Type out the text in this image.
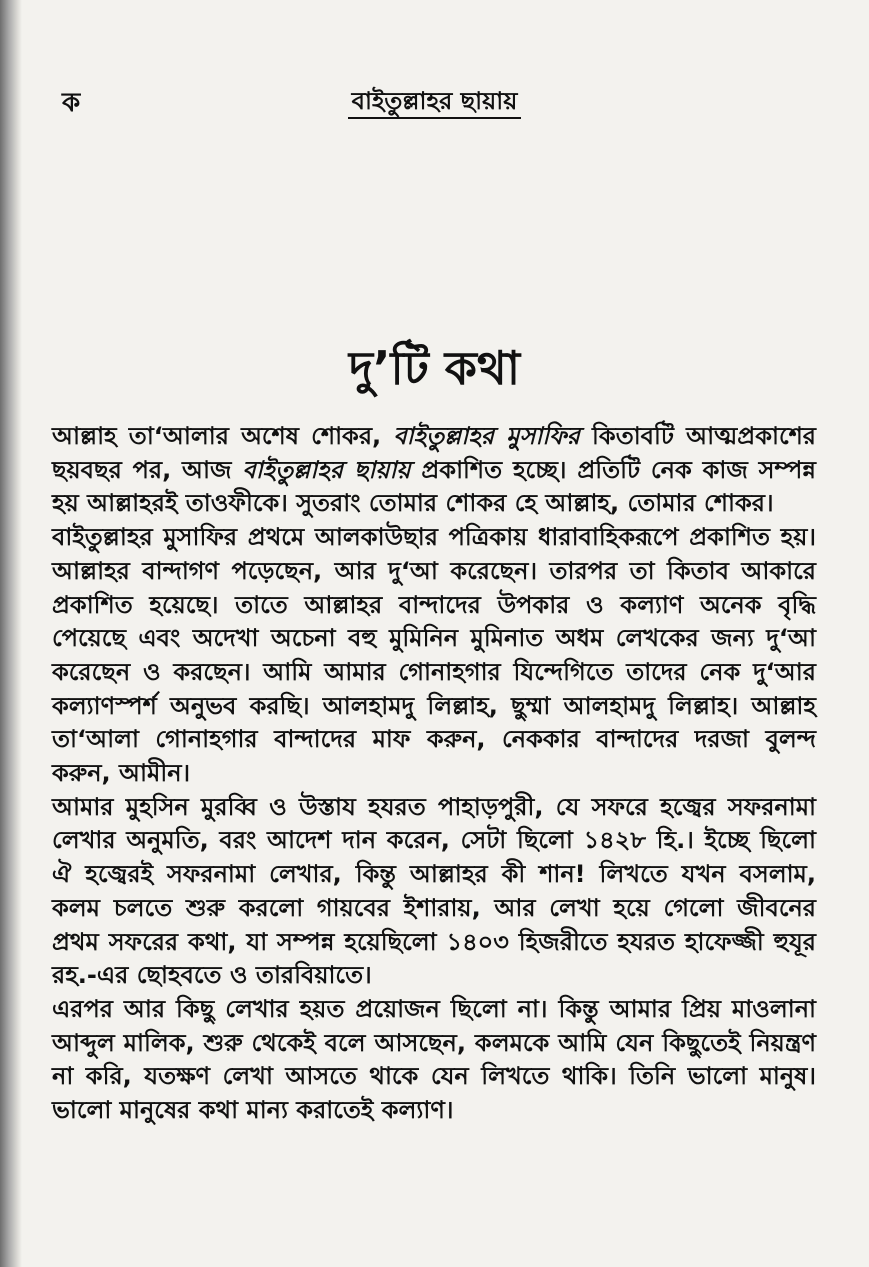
ক	বাইতুল্লাহর ছায়ায়
দু’টি কথা

আল্লাহ তা‘আলার অশেষ শোকর, বাইতুল্লাহর মুসাফির কিতাবটি আত্মপ্রকাশের ছয়বছর পর, আজ বাইতুল্লাহর ছায়ায় প্রকাশিত হচ্ছে। প্রতিটি নেক কাজ সম্পন্ন হয় আল্লাহরই তাওফীকে। সুতরাং তোমার শোকর হে আল্লাহ, তোমার শোকর।

বাইতুল্লাহর মুসাফির প্রথমে আলকাউছার পত্রিকায় ধারাবাহিকরূপে প্রকাশিত হয়। আল্লাহর বান্দাগণ পড়েছেন, আর দু‘আ করেছেন। তারপর তা কিতাব আকারে প্রকাশিত হয়েছে। তাতে আল্লাহর বান্দাদের উপকার ও কল্যাণ অনেক বৃদ্ধি পেয়েছে এবং অদেখা অচেনা বহু মুমিনিন মুমিনাত অধম লেখকের জন্য দু‘আ করেছেন ও করছেন। আমি আমার গোনাহগার যিন্দেগিতে তাদের নেক দু‘আর কল্যাণস্পর্শ অনুভব করছি। আলহামদু লিল্লাহ, ছুম্মা আলহামদু লিল্লাহ। আল্লাহ তা‘আলা গোনাহগার বান্দাদের মাফ করুন, নেককার বান্দাদের দরজা বুলন্দ করুন, আমীন।

আমার মুহসিন মুরব্বি ও উস্তায হযরত পাহাড়পুরী, যে সফরে হজ্বের সফরনামা লেখার অনুমতি, বরং আদেশ দান করেন, সেটা ছিলো ১৪২৮ হি.। ইচ্ছে ছিলো ঐ হজ্বেরই সফরনামা লেখার, কিন্তু আল্লাহর কী শান! লিখতে যখন বসলাম, কলম চলতে শুরু করলো গায়বের ইশারায়, আর লেখা হয়ে গেলো জীবনের প্রথম সফরের কথা, যা সম্পন্ন হয়েছিলো ১৪০৩ হিজরীতে হযরত হাফেজ্জী হুযূর রহ.-এর ছোহবতে ও তারবিয়াতে।

এরপর আর কিছু লেখার হয়ত প্রয়োজন ছিলো না। কিন্তু আমার প্রিয় মাওলানা আব্দুল মালিক, শুরু থেকেই বলে আসছেন, কলমকে আমি যেন কিছুতেই নিয়ন্ত্রণ না করি, যতক্ষণ লেখা আসতে থাকে যেন লিখতে থাকি। তিনি ভালো মানুষ। ভালো মানুষের কথা মান্য করাতেই কল্যাণ।
